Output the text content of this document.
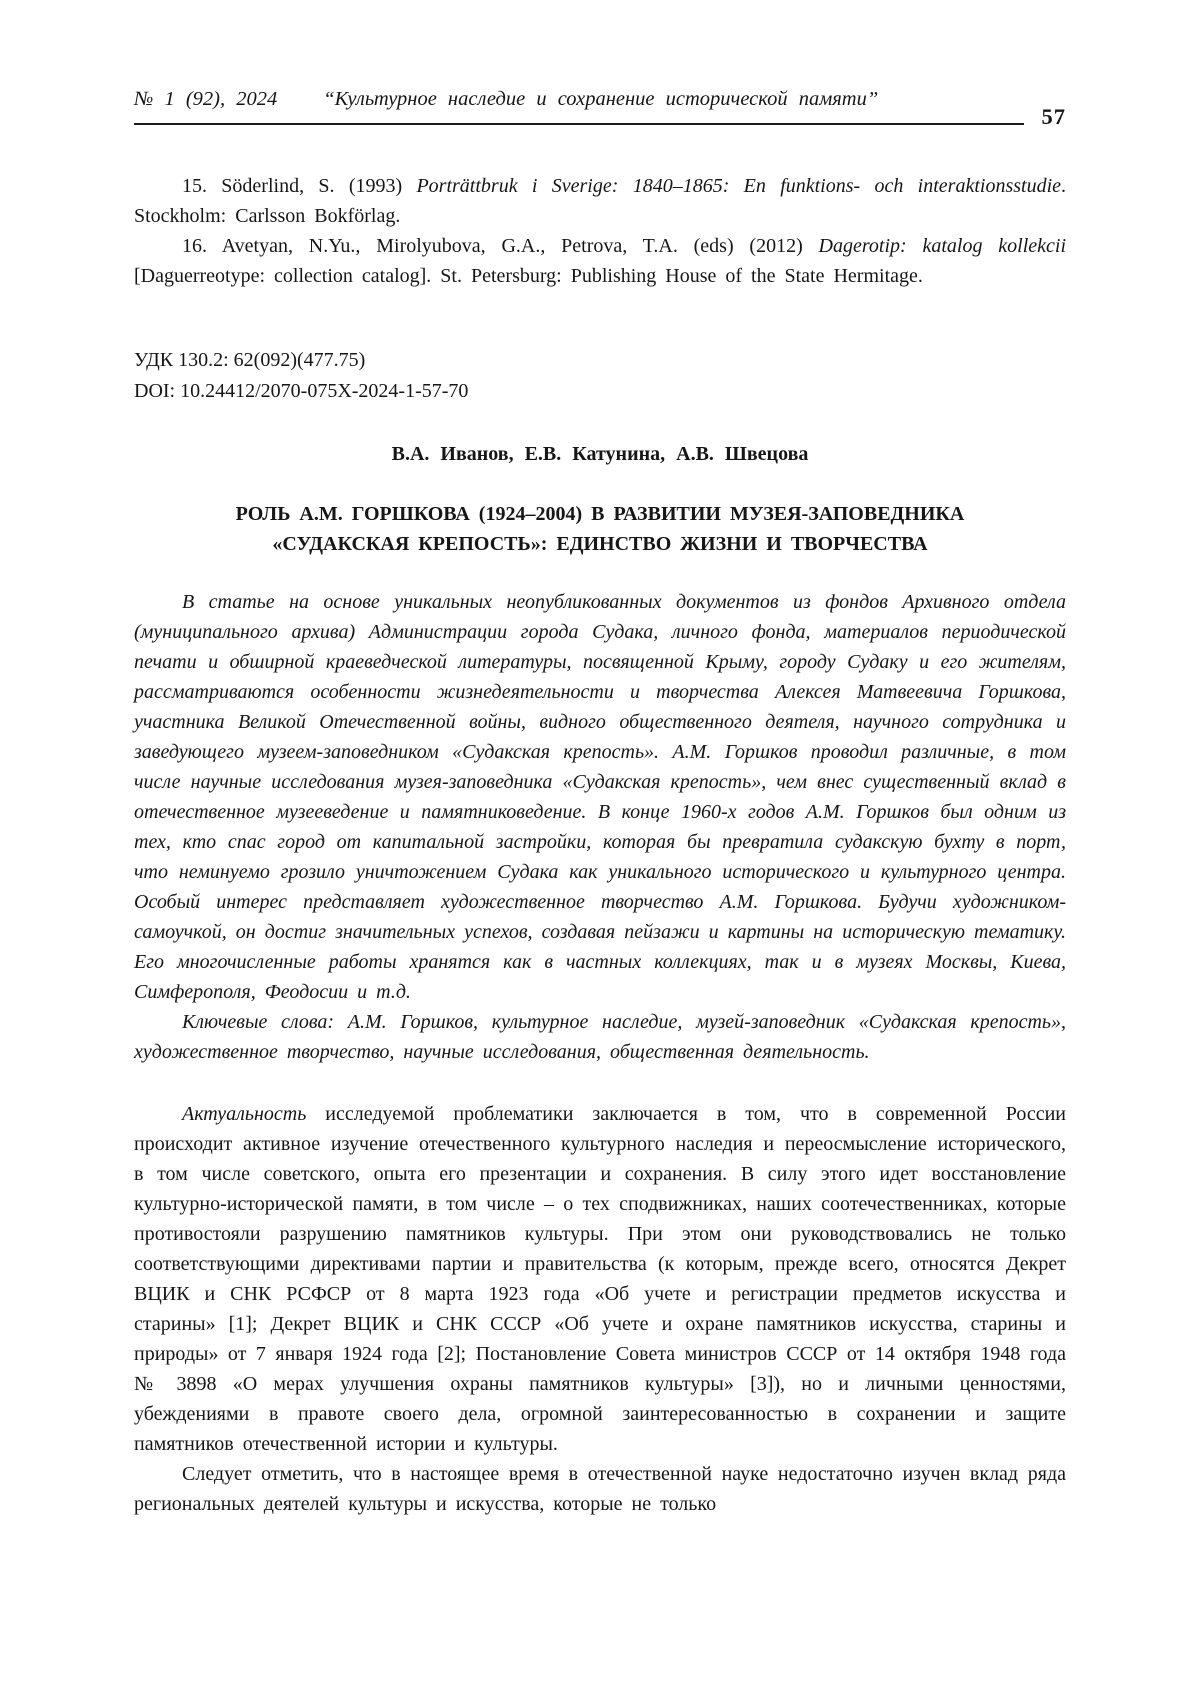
№ 1 (92), 2024 “Культурное наследие и сохранение исторической памяти”
57

15. Söderlind, S. (1993) Porträttbruk i Sverige: 1840–1865: En funktions- och interaktionsstudie. Stockholm: Carlsson Bokförlag.

16. Avetyan, N.Yu., Mirolyubova, G.A., Petrova, T.A. (eds) (2012) Dagerotip: katalog kollekcii [Daguerreotype: collection catalog]. St. Petersburg: Publishing House of the State Hermitage.

УДК 130.2: 62(092)(477.75)
DOI: 10.24412/2070-075X-2024-1-57-70
В.А. Иванов, Е.В. Катунина, А.В. Швецова
РОЛЬ А.М. ГОРШКОВА (1924–2004) В РАЗВИТИИ МУЗЕЯ-ЗАПОВЕДНИКА
«СУДАКСКАЯ КРЕПОСТЬ»: ЕДИНСТВО ЖИЗНИ И ТВОРЧЕСТВА

В статье на основе уникальных неопубликованных документов из фондов Архивного отдела (муниципального архива) Администрации города Судака, личного фонда, материалов периодической печати и обширной краеведческой литературы, посвященной Крыму, городу Судаку и его жителям, рассматриваются особенности жизнедеятельности и творчества Алексея Матвеевича Горшкова, участника Великой Отечественной войны, видного общественного деятеля, научного сотрудника и заведующего музеем-заповедником «Судакская крепость». А.М. Горшков проводил различные, в том числе научные исследования музея-заповедника «Судакская крепость», чем внес существенный вклад в отечественное музееведение и памятниковедение. В конце 1960-х годов А.М. Горшков был одним из тех, кто спас город от капитальной застройки, которая бы превратила судакскую бухту в порт, что неминуемо грозило уничтожением Судака как уникального исторического и культурного центра. Особый интерес представляет художественное творчество А.М. Горшкова. Будучи художником-самоучкой, он достиг значительных успехов, создавая пейзажи и картины на историческую тематику. Его многочисленные работы хранятся как в частных коллекциях, так и в музеях Москвы, Киева, Симферополя, Феодосии и т.д.

Ключевые слова: А.М. Горшков, культурное наследие, музей-заповедник «Судакская крепость», художественное творчество, научные исследования, общественная деятельность.

Актуальность исследуемой проблематики заключается в том, что в современной России происходит активное изучение отечественного культурного наследия и переосмысление исторического, в том числе советского, опыта его презентации и сохранения. В силу этого идет восстановление культурно-исторической памяти, в том числе – о тех сподвижниках, наших соотечественниках, которые противостояли разрушению памятников культуры. При этом они руководствовались не только соответствующими директивами партии и правительства (к которым, прежде всего, относятся Декрет ВЦИК и СНК РСФСР от 8 марта 1923 года «Об учете и регистрации предметов искусства и старины» [1]; Декрет ВЦИК и СНК СССР «Об учете и охране памятников искусства, старины и природы» от 7 января 1924 года [2]; Постановление Совета министров СССР от 14 октября 1948 года № 3898 «О мерах улучшения охраны памятников культуры» [3]), но и личными ценностями, убеждениями в правоте своего дела, огромной заинтересованностью в сохранении и защите памятников отечественной истории и культуры.

Следует отметить, что в настоящее время в отечественной науке недостаточно изучен вклад ряда региональных деятелей культуры и искусства, которые не только
